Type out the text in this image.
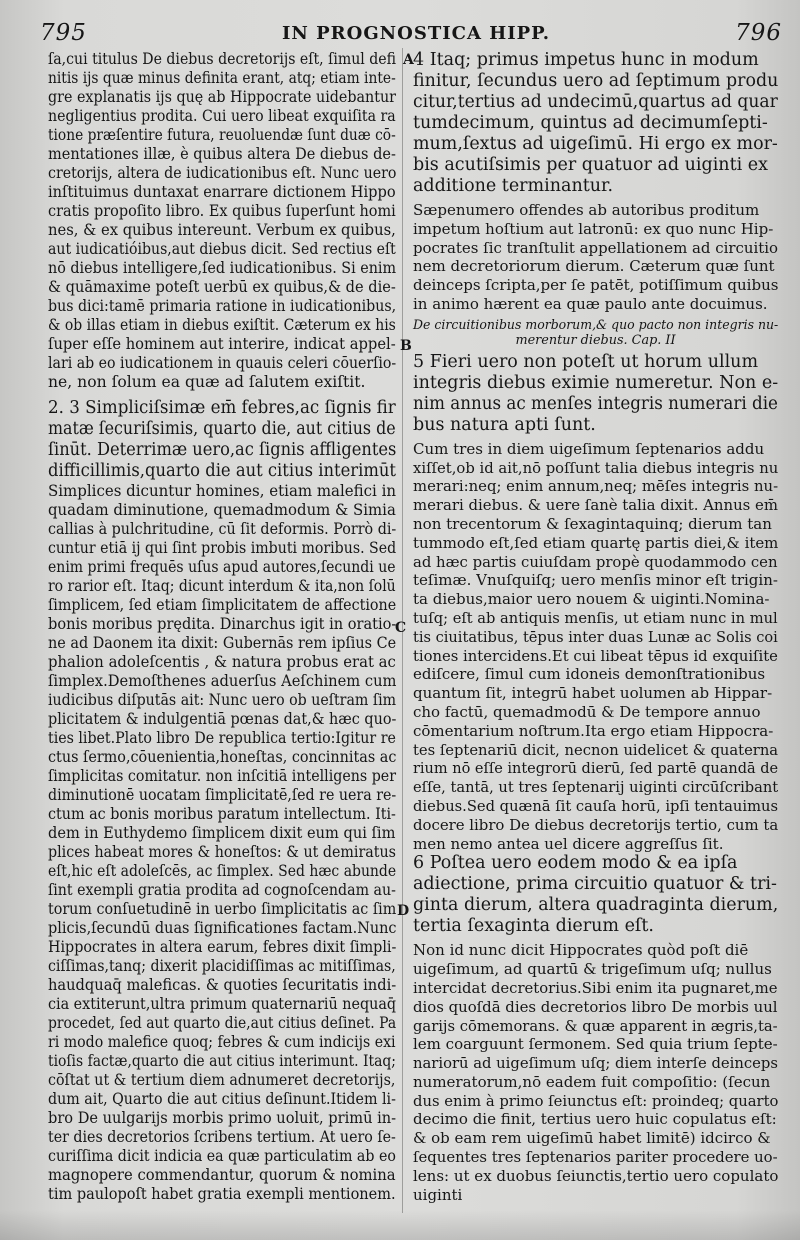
795	IN PROGNOSTICA HIPP.	796
A
B
C
D
ſa,cui titulus De diebus decretorijs eſt, ſimul defi
nitis ijs quæ minus definita erant, atq; etiam inte-
gre explanatis ijs quę ab Hippocrate uidebantur
negligentius prodita. Cui uero libeat exquiſita ra
tione præſentire futura, reuoluendæ ſunt duæ cō-
mentationes illæ, è quibus altera De diebus de-
cretorijs, altera de iudicationibus eſt. Nunc uero
inſtituimus duntaxat enarrare dictionem Hippo
cratis propoſito libro. Ex quibus ſuperſunt homi
nes, & ex quibus intereunt. Verbum ex quibus,
aut iudicatióibus,aut diebus dicit. Sed rectius eſt
nō diebus intelligere,ſed iudicationibus. Si enim
& quāmaxime poteſt uerbū ex quibus,& de die-
bus dici:tamē primaria ratione in iudicationibus,
& ob illas etiam in diebus exiſtit. Cæterum ex his
ſuper eſſe hominem aut interire, indicat appel-
lari ab eo iudicationem in quauis celeri cōuerſio-
ne, non ſolum ea quæ ad ſalutem exiſtit.
2. 3 Simpliciſsimæ em̄ febres,ac ſignis fir
matæ ſecuriſsimis, quarto die, aut citius de
ſinūt. Deterrimæ uero,ac ſignis affligentes
difficillimis,quarto die aut citius interimūt
Simplices dicuntur homines, etiam malefici in
quadam diminutione, quemadmodum & Simia
callias à pulchritudine, cū ſit deformis. Porrò di-
cuntur etiā ij qui ſint probis imbuti moribus. Sed
enim primi frequēs uſus apud autores,ſecundi ue
ro rarior eſt. Itaq; dicunt interdum & ita,non ſolū
ſimplicem, ſed etiam ſimplicitatem de affectione
bonis moribus prędita. Dinarchus igit in oratio-
ne ad Daonem ita dixit: Gubernās rem ipſius Ce
phalion adoleſcentis , & natura probus erat ac
ſimplex.Demoſthenes aduerſus Aeſchinem cum
iudicibus diſputās ait: Nunc uero ob ueſtram ſim
plicitatem & indulgentiā pœnas dat,& hæc quo-
ties libet.Plato libro De republica tertio:Igitur re
ctus ſermo,cōuenientia,honeſtas, concinnitas ac
ſimplicitas comitatur. non inſcitiā intelligens per
diminutionē uocatam ſimplicitatē,ſed re uera re-
ctum ac bonis moribus paratum intellectum. Iti-
dem in Euthydemo ſimplicem dixit eum qui ſim
plices habeat mores & honeſtos: & ut demiratus
eſt,hic eſt adoleſcēs, ac ſimplex. Sed hæc abunde
ſint exempli gratia prodita ad cognoſcendam au-
torum conſuetudinē in uerbo ſimplicitatis ac ſim
plicis,ſecundū duas ſignificationes factam.Nunc
Hippocrates in altera earum, febres dixit ſimpli-
ciſſimas,tanq; dixerit placidiſſimas ac mitiſſimas,
haudquaq̄ maleficas. & quoties ſecuritatis indi-
cia extiterunt,ultra primum quaternariū nequaq̄
procedet, ſed aut quarto die,aut citius deſinet. Pa
ri modo malefice quoq; febres & cum indicijs exi
tioſis factæ,quarto die aut citius interimunt. Itaq;
cōſtat ut & tertium diem adnumeret decretorijs,
dum ait, Quarto die aut citius deſinunt.Itidem li-
bro De uulgarijs morbis primo uoluit, primū in-
ter dies decretorios ſcribens tertium. At uero ſe-
curiſſima dicit indicia ea quæ particulatim ab eo
magnopere commendantur, quorum & nomina
tim paulopoſt habet gratia exempli mentionem.
4 Itaq; primus impetus hunc in modum
finitur, ſecundus uero ad ſeptimum produ
citur,tertius ad undecimū,quartus ad quar
tumdecimum, quintus ad decimumſepti-
mum,ſextus ad uigeſimū. Hi ergo ex mor-
bis acutiſsimis per quatuor ad uiginti ex
additione terminantur.
Sæpenumero offendes ab autoribus proditum
impetum hoſtium aut latronū: ex quo nunc Hip-
pocrates ſic tranſtulit appellationem ad circuitio
nem decretoriorum dierum. Cæterum quæ ſunt
deinceps ſcripta,per ſe patēt, potiſſimum quibus
in animo hærent ea quæ paulo ante docuimus.
De circuitionibus morborum,& quo pacto non integris nu-
merentur diebus. Cap. II
5 Fieri uero non poteſt ut horum ullum
integris diebus eximie numeretur. Non e-
nim annus ac menſes integris numerari die
bus natura apti ſunt.
Cum tres in diem uigeſimum ſeptenarios addu
xiſſet,ob id ait,nō poſſunt talia diebus integris nu
merari:neq; enim annum,neq; mēſes integris nu-
merari diebus. & uere ſanè talia dixit. Annus em̄
non trecentorum & ſexagintaquinq; dierum tan
tummodo eſt,ſed etiam quartę partis diei,& item
ad hæc partis cuiuſdam propè quodammodo cen
teſimæ. Vnuſquiſq; uero menſis minor eſt trigin-
ta diebus,maior uero nouem & uiginti.Nomina-
tuſq; eſt ab antiquis menſis, ut etiam nunc in mul
tis ciuitatibus, tēpus inter duas Lunæ ac Solis coi
tiones intercidens.Et cui libeat tēpus id exquiſite
ediſcere, ſimul cum idoneis demonſtrationibus
quantum ſit, integrū habet uolumen ab Hippar-
cho factū, quemadmodū & De tempore annuo
cōmentarium noſtrum.Ita ergo etiam Hippocra-
tes ſeptenariū dicit, necnon uidelicet & quaterna
rium nō eſſe integrorū dierū, ſed partē quandā de
eſſe, tantā, ut tres ſeptenarij uiginti circūſcribant
diebus.Sed quænā ſit cauſa horū, ipſi tentauimus
docere libro De diebus decretorijs tertio, cum ta
men nemo antea uel dicere aggreſſus ſit.
6 Poſtea uero eodem modo & ea ipſa
adiectione, prima circuitio quatuor & tri-
ginta dierum, altera quadraginta dierum,
tertia ſexaginta dierum eſt.
Non id nunc dicit Hippocrates quòd poſt diē
uigeſimum, ad quartū & trigeſimum uſq; nullus
intercidat decretorius.Sibi enim ita pugnaret,me
dios quoſdā dies decretorios libro De morbis uul
garijs cōmemorans. & quæ apparent in ægris,ta-
lem coarguunt ſermonem. Sed quia trium ſepte-
nariorū ad uigeſimum uſq; diem interſe deinceps
numeratorum,nō eadem fuit compoſitio: (ſecun
dus enim à primo ſeiunctus eſt: proindeq; quarto
decimo die finit, tertius uero huic copulatus eſt:
& ob eam rem uigeſimū habet limitē) idcirco &
ſequentes tres ſeptenarios pariter procedere uo-
lens: ut ex duobus ſeiunctis,tertio uero copulato
uiginti
